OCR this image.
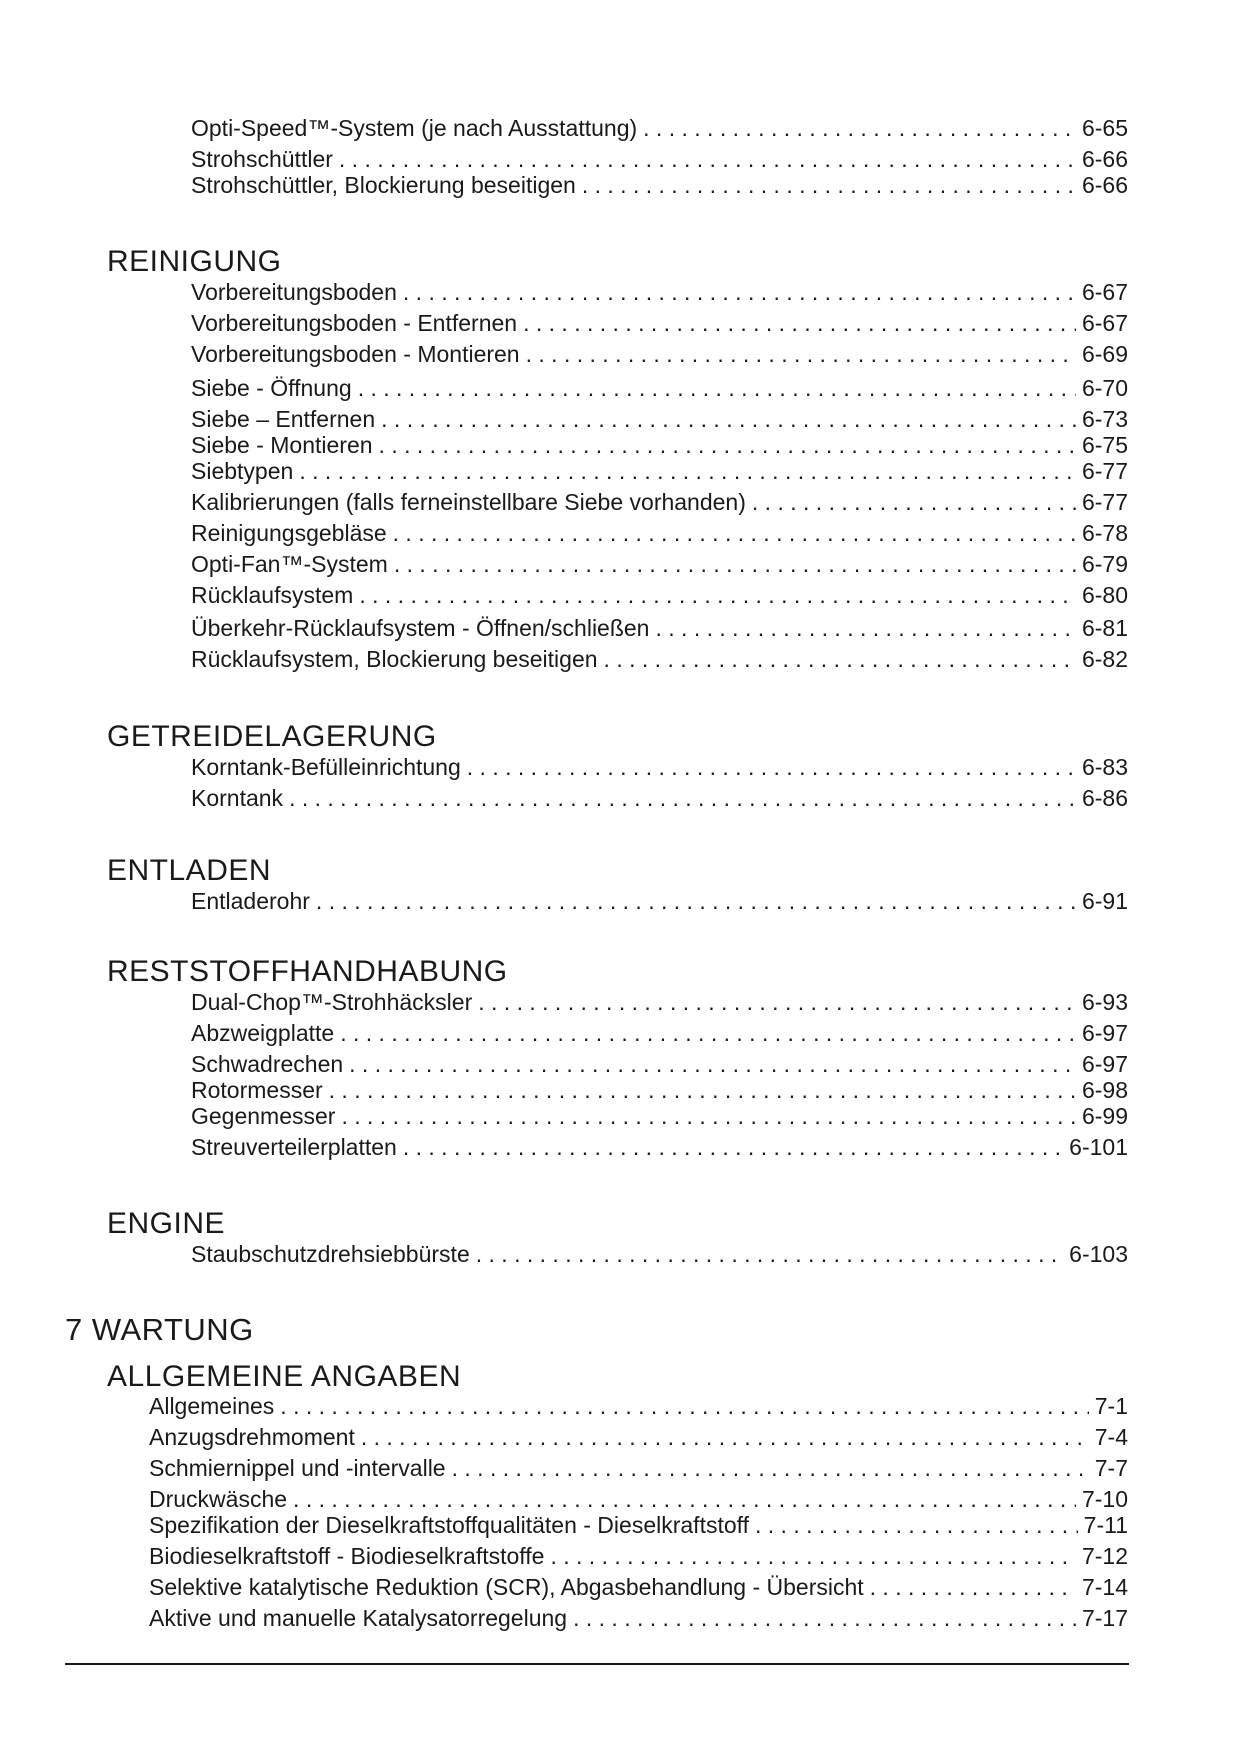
Opti-Speed™-System (je nach Ausstattung) . . .	6-65
Strohschüttler . . .	6-66
Strohschüttler, Blockierung beseitigen . . .	6-66
REINIGUNG
Vorbereitungsboden . . .	6-67
Vorbereitungsboden - Entfernen . . .	6-67
Vorbereitungsboden - Montieren . . .	6-69
Siebe - Öffnung . . .	6-70
Siebe – Entfernen . . .	6-73
Siebe - Montieren . . .	6-75
Siebtypen . . .	6-77
Kalibrierungen (falls ferneinstellbare Siebe vorhanden) . . .	6-77
Reinigungsgebläse . . .	6-78
Opti-Fan™-System . . .	6-79
Rücklaufsystem . . .	6-80
Überkehr-Rücklaufsystem - Öffnen/schließen . . .	6-81
Rücklaufsystem, Blockierung beseitigen . . .	6-82
GETREIDELAGERUNG
Korntank-Befülleinrichtung . . .	6-83
Korntank . . .	6-86
ENTLADEN
Entladerohr . . .	6-91
RESTSTOFFHANDHABUNG
Dual-Chop™-Strohhäcksler . . .	6-93
Abzweigplatte . . .	6-97
Schwadrechen . . .	6-97
Rotormesser . . .	6-98
Gegenmesser . . .	6-99
Streuverteilerplatten . . .	6-101
ENGINE
Staubschutzdrehsiebbürste . . .	6-103
7 WARTUNG
ALLGEMEINE ANGABEN
Allgemeines . . .	7-1
Anzugsdrehmoment . . .	7-4
Schmiernippel und -intervalle . . .	7-7
Druckwäsche . . .	7-10
Spezifikation der Dieselkraftstoffqualitäten - Dieselkraftstoff . . .	7-11
Biodieselkraftstoff - Biodieselkraftstoffe . . .	7-12
Selektive katalytische Reduktion (SCR), Abgasbehandlung - Übersicht . . .	7-14
Aktive und manuelle Katalysatorregelung . . .	7-17
